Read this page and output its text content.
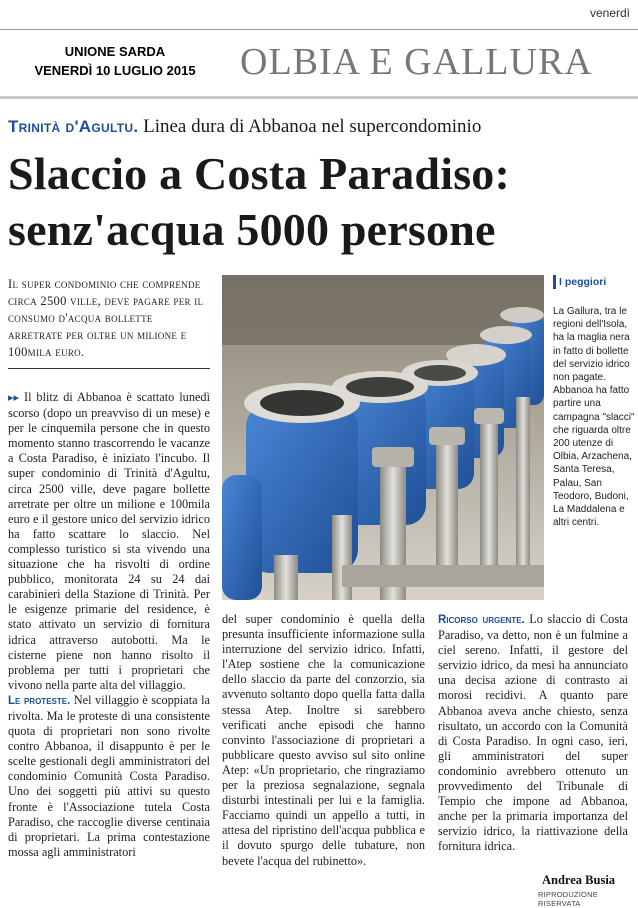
venerdì
UNIONE SARDA
VENERDÌ 10 LUGLIO 2015	OLBIA E GALLURA
Trinità d'Agultu. Linea dura di Abbanoa nel supercondominio
Slaccio a Costa Paradiso:
senz'acqua 5000 persone
Il super condominio che comprende circa 2500 ville, deve pagare per il consumo d'acqua bollette arretrate per oltre un milione e 100mila euro.

▸▸ Il blitz di Abbanoa è scattato lunedì scorso (dopo un preavviso di un mese) e per le cinquemila persone che in questo momento stanno trascorrendo le vacanze a Costa Paradiso, è iniziato l'incubo. Il super condominio di Trinità d'Agultu, circa 2500 ville, deve pagare bollette arretrate per oltre un milione e 100mila euro e il gestore unico del servizio idrico ha fatto scattare lo slaccio. Nel complesso turistico si sta vivendo una situazione che ha risvolti di ordine pubblico, monitorata 24 su 24 dai carabinieri della Stazione di Trinità. Per le esigenze primarie del residence, è stato attivato un servizio di fornitura idrica attraverso autobotti. Ma le cisterne piene non hanno risolto il problema per tutti i proprietari che vivono nella parte alta del villaggio.

Le proteste. Nel villaggio è scoppiata la rivolta. Ma le proteste di una consistente quota di proprietari non sono rivolte contro Abbanoa, il disappunto è per le scelte gestionali degli amministratori del condominio Comunità Costa Paradiso. Uno dei soggetti più attivi su questo fronte è l'Associazione tutela Costa Paradiso, che raccoglie diverse centinaia di proprietari. La prima contestazione mossa agli amministratori

I peggiori
La Gallura, tra le regioni dell'Isola, ha la maglia nera in fatto di bollette del servizio idrico non pagate. Abbanoa ha fatto partire una campagna "slacci" che riguarda oltre 200 utenze di Olbia, Arzachena, Santa Teresa, Palau, San Teodoro, Budoni, La Maddalena e altri centri.

del super condominio è quella della presunta insufficiente informazione sulla interruzione del servizio idrico. Infatti, l'Atep sostiene che la comunicazione dello slaccio da parte del conzorzio, sia avvenuto soltanto dopo quella fatta dalla stessa Atep. Inoltre si sarebbero verificati anche episodi che hanno convinto l'associazione di proprietari a pubblicare questo avviso sul sito online Atep: «Un proprietario, che ringraziamo per la preziosa segnalazione, segnala disturbi intestinali per lui e la famiglia. Facciamo quindi un appello a tutti, in attesa del ripristino dell'acqua pubblica e il dovuto spurgo delle tubature, non bevete l'acqua del rubinetto».

Ricorso urgente. Lo slaccio di Costa Paradiso, va detto, non è un fulmine a ciel sereno. Infatti, il gestore del servizio idrico, da mesi ha annunciato una decisa azione di contrasto ai morosi recidivi. A quanto pare Abbanoa aveva anche chiesto, senza risultato, un accordo con la Comunità di Costa Paradiso. In ogni caso, ieri, gli amministratori del super condominio avrebbero ottenuto un provvedimento del Tribunale di Tempio che impone ad Abbanoa, anche per la primaria importanza del servizio idrico, la riattivazione della fornitura idrica.

Andrea Busia
RIPRODUZIONE RISERVATA
